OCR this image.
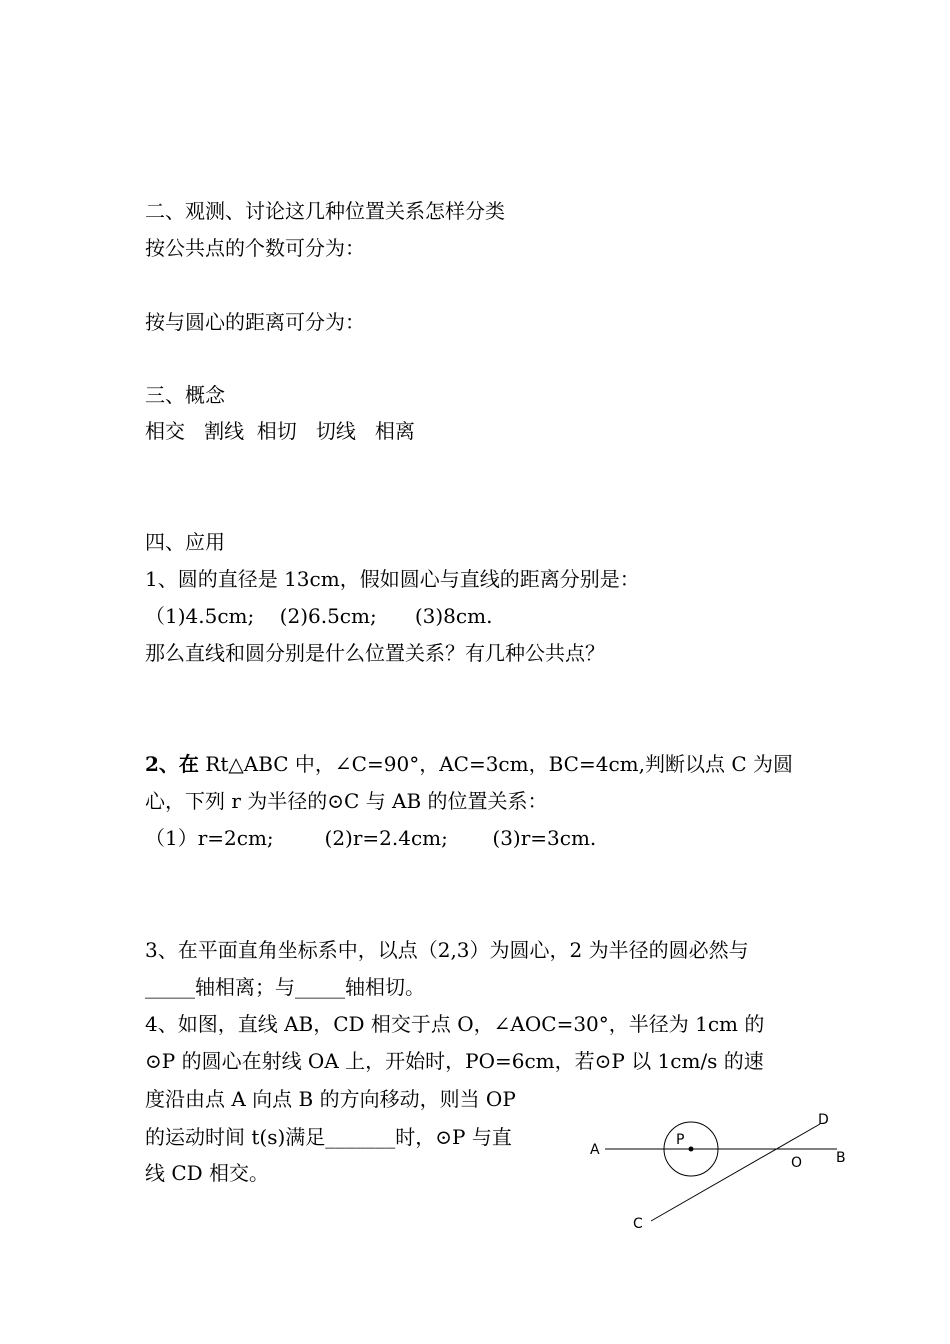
二、观测、讨论这几种位置关系怎样分类
按公共点的个数可分为：
按与圆心的距离可分为：
三、概念
相交   割线  相切   切线   相离
四、应用
1、圆的直径是 13cm，假如圆心与直线的距离分别是：
（1)4.5cm;    (2)6.5cm;      (3)8cm.
那么直线和圆分别是什么位置关系？有几种公共点？
2、在 Rt△ABC 中，∠C=90°，AC=3cm，BC=4cm,判断以点 C 为圆
心，下列 r 为半径的⊙C 与 AB 的位置关系：
（1）r=2cm;        (2)r=2.4cm;       (3)r=3cm.
3、在平面直角坐标系中，以点（2,3）为圆心，2 为半径的圆必然与
_____轴相离；与_____轴相切。
4、如图，直线 AB，CD 相交于点 O，∠AOC=30°，半径为 1cm 的
⊙P 的圆心在射线 OA 上，开始时，PO=6cm，若⊙P 以 1cm/s 的速
度沿由点 A 向点 B 的方向移动，则当 OP
的运动时间 t(s)满足_______时，⊙P 与直
线 CD 相交。
A
P
O B
D
C
